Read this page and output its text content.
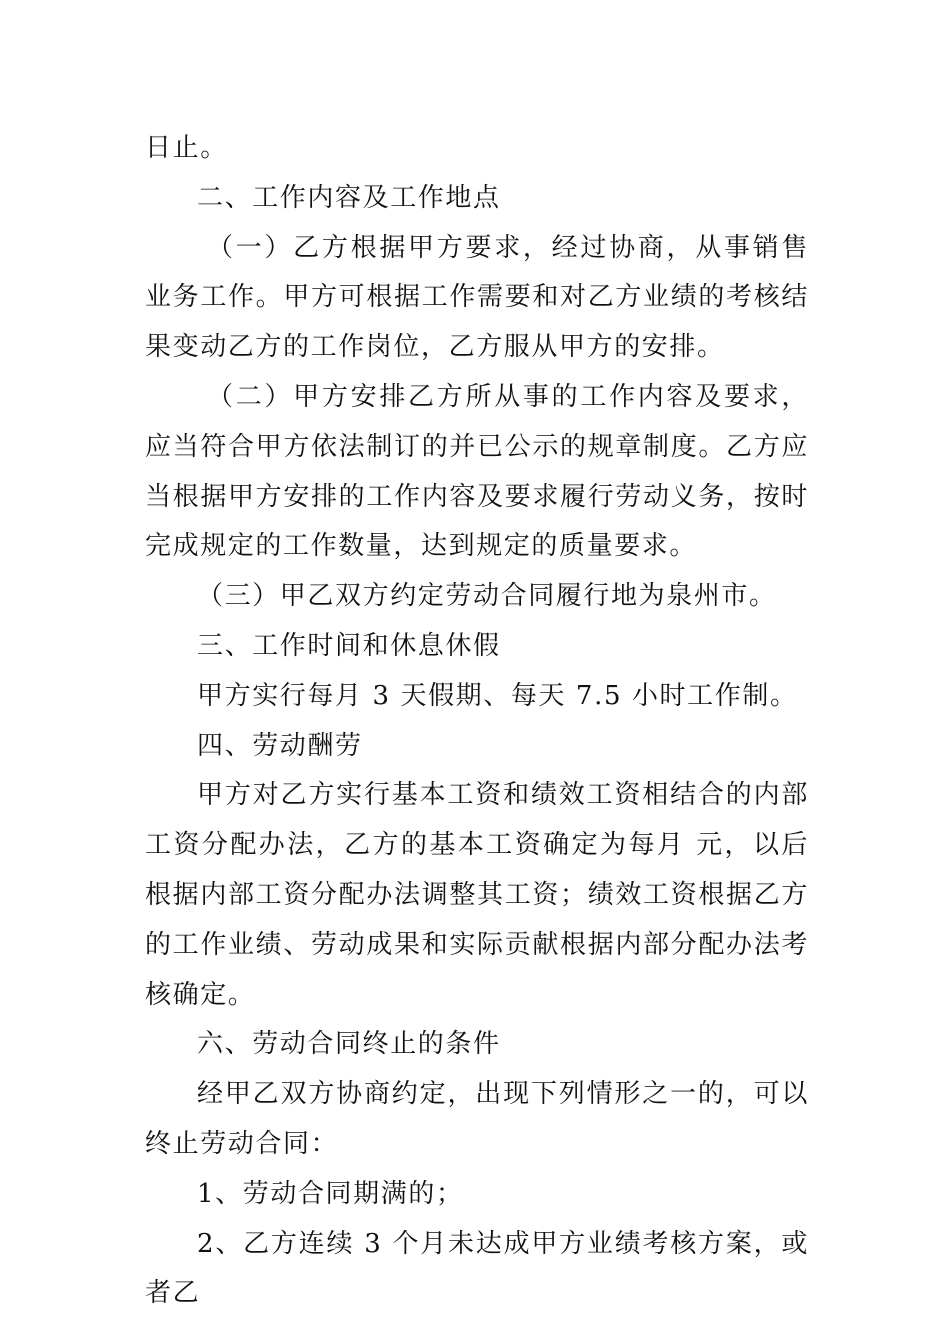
日止。

二、工作内容及工作地点

（一）乙方根据甲方要求，经过协商，从事销售业务工作。甲方可根据工作需要和对乙方业绩的考核结果变动乙方的工作岗位，乙方服从甲方的安排。

（二）甲方安排乙方所从事的工作内容及要求，应当符合甲方依法制订的并已公示的规章制度。乙方应当根据甲方安排的工作内容及要求履行劳动义务，按时完成规定的工作数量，达到规定的质量要求。

（三）甲乙双方约定劳动合同履行地为泉州市。

三、工作时间和休息休假

甲方实行每月 3 天假期、每天 7.5 小时工作制。

四、劳动酬劳

甲方对乙方实行基本工资和绩效工资相结合的内部工资分配办法，乙方的基本工资确定为每月 元，以后根据内部工资分配办法调整其工资；绩效工资根据乙方的工作业绩、劳动成果和实际贡献根据内部分配办法考核确定。

六、劳动合同终止的条件

经甲乙双方协商约定，出现下列情形之一的，可以终止劳动合同：

1、劳动合同期满的；

2、乙方连续 3 个月未达成甲方业绩考核方案，或者乙
